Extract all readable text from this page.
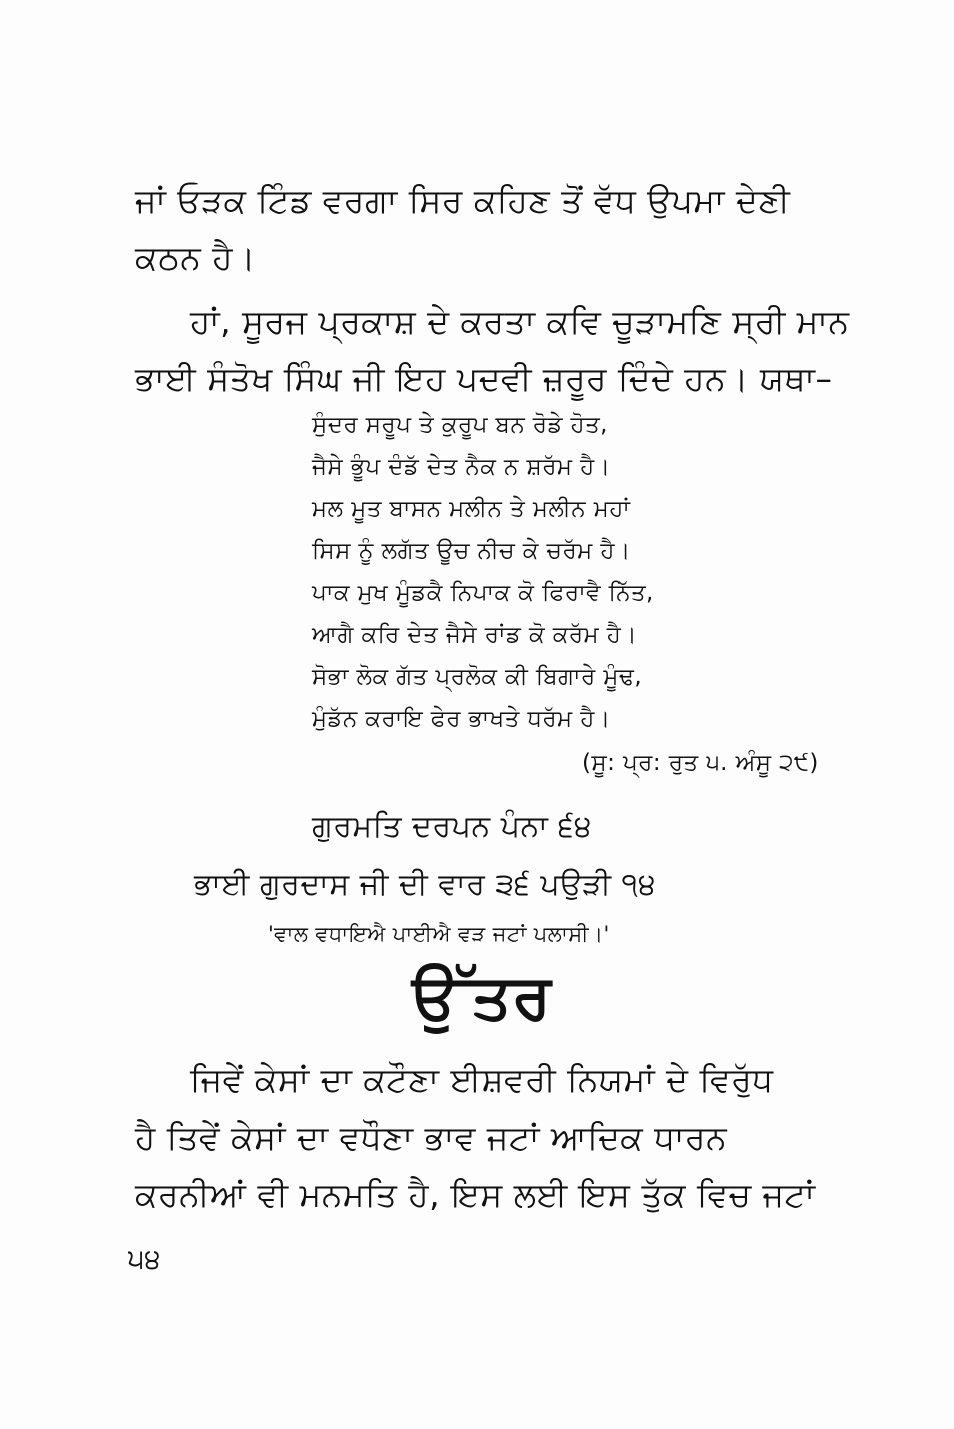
ਜਾਂ ਓੜਕ ਟਿੰਡ ਵਰਗਾ ਸਿਰ ਕਹਿਣ ਤੋਂ ਵੱਧ ਉਪਮਾ ਦੇਣੀ
ਕਠਨ ਹੈ।
ਹਾਂ, ਸੂਰਜ ਪ੍ਰਕਾਸ਼ ਦੇ ਕਰਤਾ ਕਵਿ ਚੂੜਾਮਣਿ ਸ੍ਰੀ ਮਾਨ
ਭਾਈ ਸੰਤੋਖ ਸਿੰਘ ਜੀ ਇਹ ਪਦਵੀ ਜ਼ਰੂਰ ਦਿੰਦੇ ਹਨ। ਯਥਾ–
ਸੁੰਦਰ ਸਰੂਪ ਤੇ ਕੁਰੂਪ ਬਨ ਰੋਡੇ ਹੋਤ,
ਜੈਸੇ ਭੂੰਪ ਦੰਡੱ ਦੇਤ ਨੈਕ ਨ ਸ਼ਰੱਮ ਹੈ।
ਮਲ ਮੂਤ ਬਾਸਨ ਮਲੀਨ ਤੇ ਮਲੀਨ ਮਹਾਂ
ਸਿਸ ਨੂੰ ਲਗੱਤ ਊਚ ਨੀਚ ਕੇ ਚਰੱਮ ਹੈ।
ਪਾਕ ਮੁਖ ਮੂੰਡਕੈ ਨਿਪਾਕ ਕੋ ਫਿਰਾਵੈ ਨਿੱਤ,
ਆਗੈ ਕਰਿ ਦੇਤ ਜੈਸੇ ਰਾਂਡ ਕੋ ਕਰੱਮ ਹੈ।
ਸੋਭਾ ਲੋਕ ਗੱਤ ਪ੍ਰਲੋਕ ਕੀ ਬਿਗਾਰੇ ਮੂੰਢ,
ਮੁੰਡੱਨ ਕਰਾਇ ਫੇਰ ਭਾਖਤੇ ਧਰੱਮ ਹੈ।
(ਸੂ: ਪ੍ਰ: ਰੁਤ ੫. ਅੰਸੂ ੨੯)
ਗੁਰਮਤਿ ਦਰਪਨ ਪੰਨਾ ੬੪
ਭਾਈ ਗੁਰਦਾਸ ਜੀ ਦੀ ਵਾਰ ੩੬ ਪਉੜੀ ੧੪
'ਵਾਲ ਵਧਾਇਐ ਪਾਈਐ ਵੜ ਜਟਾਂ ਪਲਾਸੀ।'
ਉੱਤਰ
ਜਿਵੇਂ ਕੇਸਾਂ ਦਾ ਕਟੌਣਾ ਈਸ਼ਵਰੀ ਨਿਯਮਾਂ ਦੇ ਵਿਰੁੱਧ
ਹੈ ਤਿਵੇਂ ਕੇਸਾਂ ਦਾ ਵਧੌਣਾ ਭਾਵ ਜਟਾਂ ਆਦਿਕ ਧਾਰਨ
ਕਰਨੀਆਂ ਵੀ ਮਨਮਤਿ ਹੈ, ਇਸ ਲਈ ਇਸ ਤੁੱਕ ਵਿਚ ਜਟਾਂ
੫੪
